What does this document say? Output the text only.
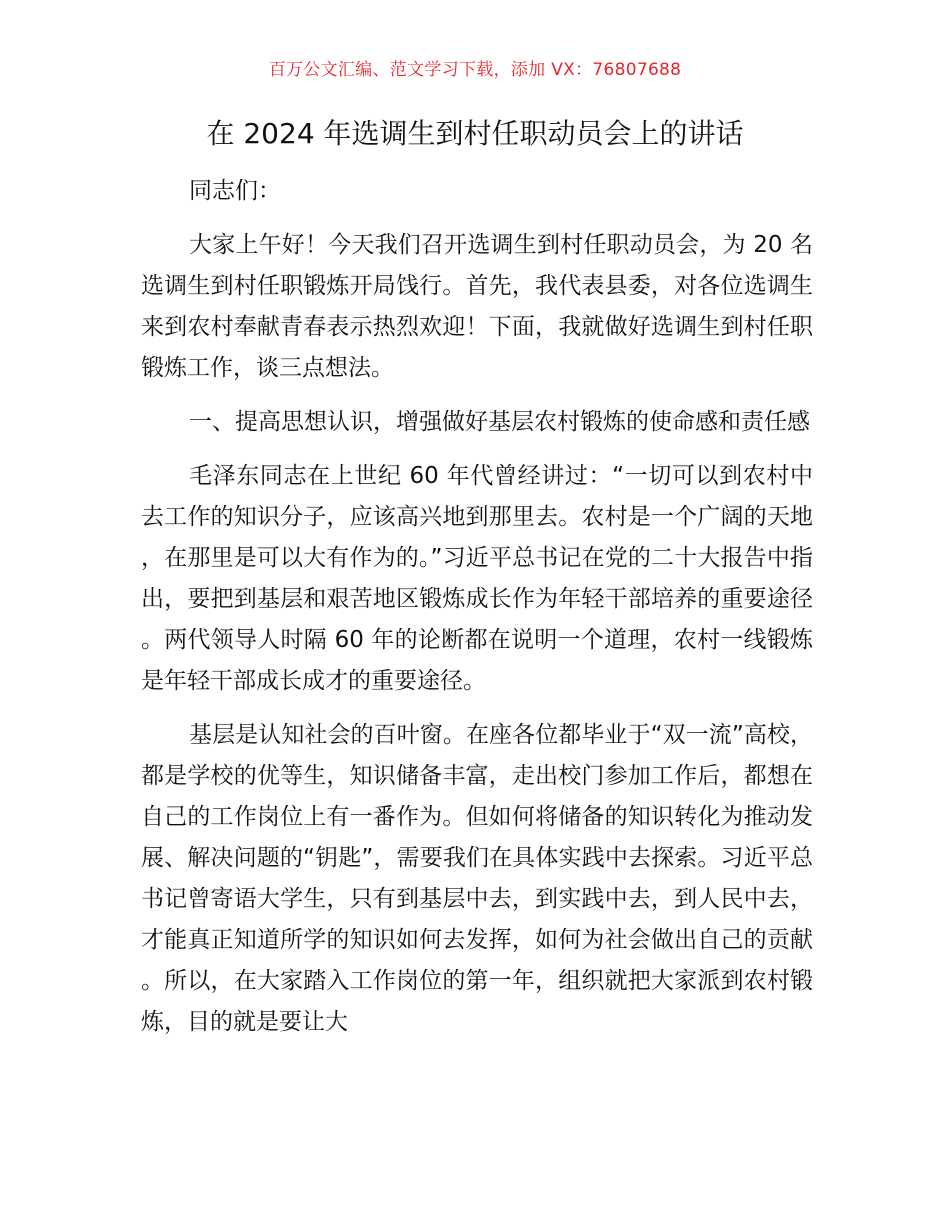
百万公文汇编、范文学习下载，添加 VX：76807688
在 2024 年选调生到村任职动员会上的讲话

同志们：

大家上午好！今天我们召开选调生到村任职动员会，为 20 名选调生到村任职锻炼开局饯行。首先，我代表县委，对各位选调生来到农村奉献青春表示热烈欢迎！下面，我就做好选调生到村任职锻炼工作，谈三点想法。

一、提高思想认识，增强做好基层农村锻炼的使命感和责任感

毛泽东同志在上世纪 60 年代曾经讲过：“一切可以到农村中去工作的知识分子，应该高兴地到那里去。农村是一个广阔的天地，在那里是可以大有作为的。”习近平总书记在党的二十大报告中指出，要把到基层和艰苦地区锻炼成长作为年轻干部培养的重要途径。两代领导人时隔 60 年的论断都在说明一个道理，农村一线锻炼是年轻干部成长成才的重要途径。

基层是认知社会的百叶窗。在座各位都毕业于“双一流”高校，都是学校的优等生，知识储备丰富，走出校门参加工作后，都想在自己的工作岗位上有一番作为。但如何将储备的知识转化为推动发展、解决问题的“钥匙”，需要我们在具体实践中去探索。习近平总书记曾寄语大学生，只有到基层中去，到实践中去，到人民中去，才能真正知道所学的知识如何去发挥，如何为社会做出自己的贡献。所以，在大家踏入工作岗位的第一年，组织就把大家派到农村锻炼，目的就是要让大
